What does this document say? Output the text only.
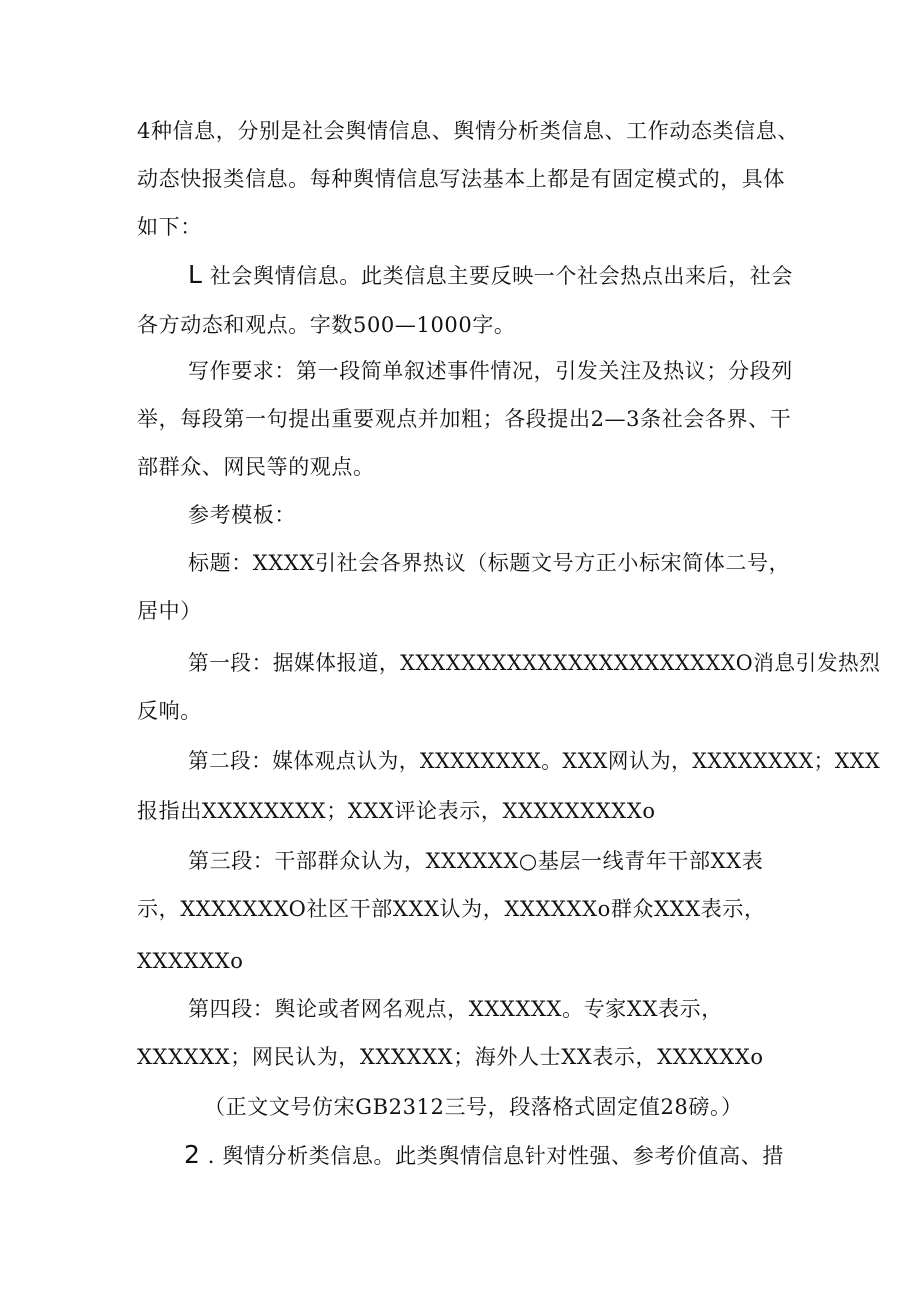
4种信息，分别是社会舆情信息、舆情分析类信息、工作动态类信息、

动态快报类信息。每种舆情信息写法基本上都是有固定模式的，具体

如下：

L 社会舆情信息。此类信息主要反映一个社会热点出来后，社会

各方动态和观点。字数500—1000字。

写作要求：第一段简单叙述事件情况，引发关注及热议；分段列

举，每段第一句提出重要观点并加粗；各段提出2—3条社会各界、干

部群众、网民等的观点。

参考模板：

标题：XXXX引社会各界热议（标题文号方正小标宋简体二号，

居中）

第一段：据媒体报道，XXXXXXXXXXXXXXXXXXXXXXO消息引发热烈

反响。

第二段：媒体观点认为，XXXXXXXX。XXX网认为，XXXXXXXX；XXX

报指出XXXXXXXX；XXX评论表示，XXXXXXXXXo

第三段：干部群众认为，XXXXXX○基层一线青年干部XX表

示，XXXXXXXO社区干部XXX认为，XXXXXXo群众XXX表示，

XXXXXXo

第四段：舆论或者网名观点，XXXXXX。专家XX表示，

XXXXXX；网民认为，XXXXXX；海外人士XX表示，XXXXXXo

（正文文号仿宋GB2312三号，段落格式固定值28磅。）

2 . 舆情分析类信息。此类舆情信息针对性强、参考价值高、措
